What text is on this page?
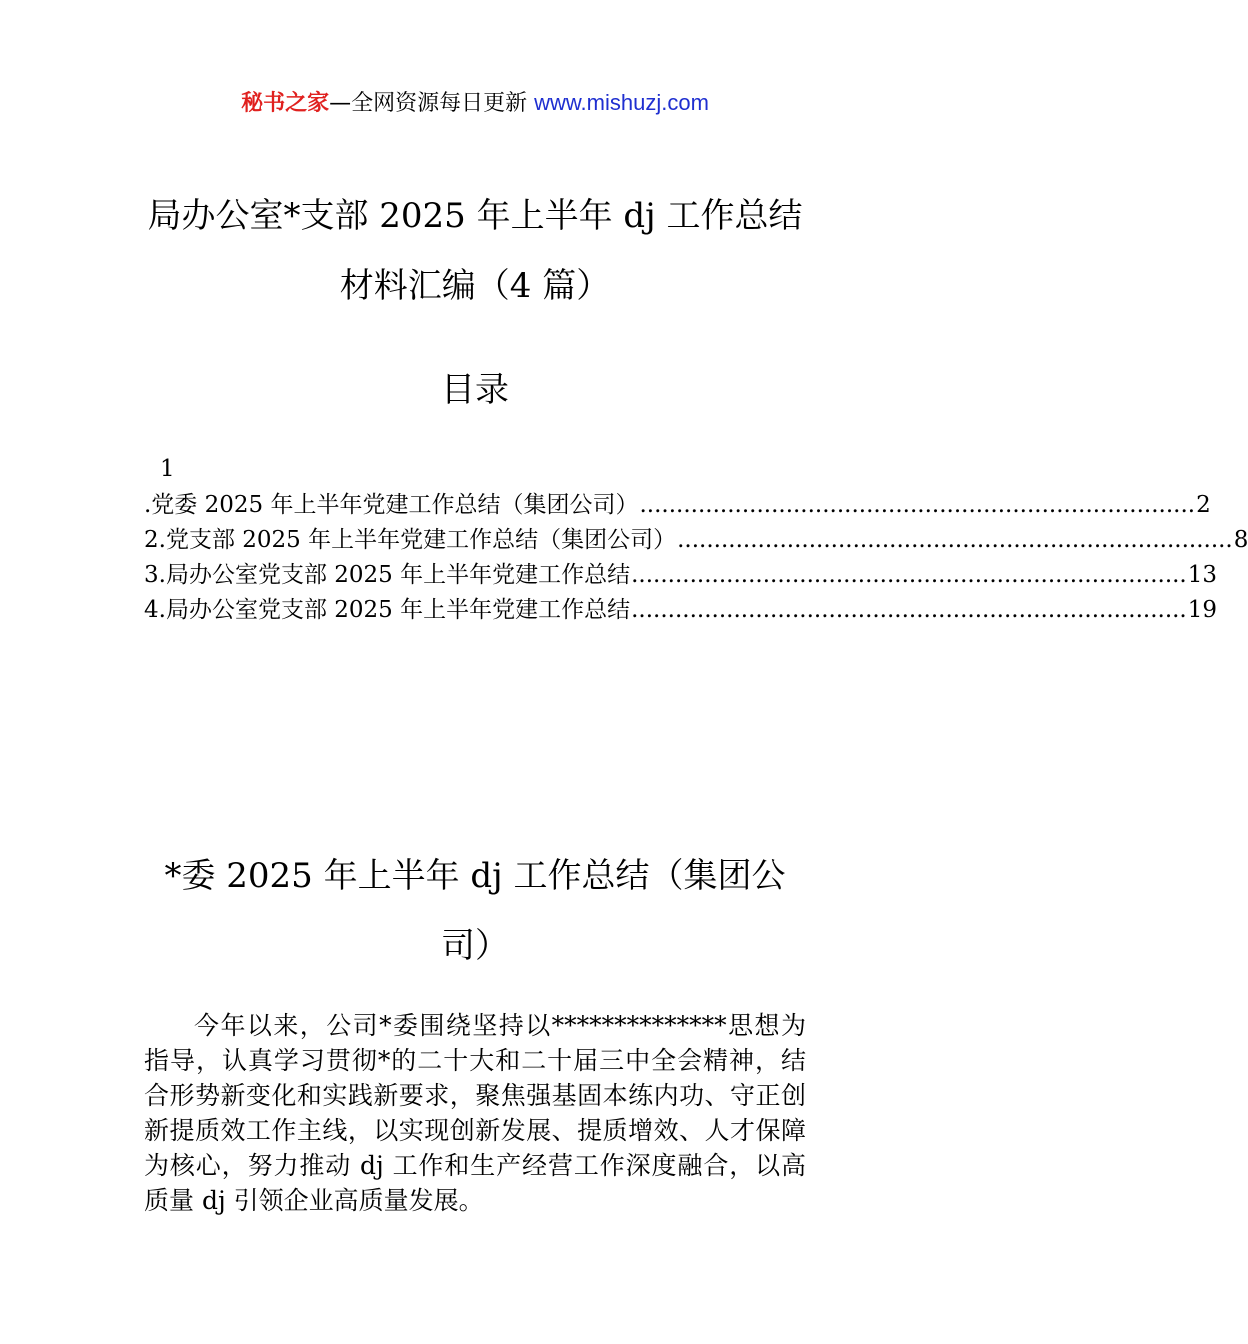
秘书之家—全网资源每日更新 www.mishuzj.com
局办公室*支部 2025 年上半年 dj 工作总结
材料汇编（4 篇）
目录
1
.党委 2025 年上半年党建工作总结（集团公司） ............................................................................ 2
2.党支部 2025 年上半年党建工作总结（集团公司） ............................................................................ 8
3.局办公室党支部 2025 年上半年党建工作总结 ............................................................................ 13
4.局办公室党支部 2025 年上半年党建工作总结 ............................................................................ 19
*委 2025 年上半年 dj 工作总结（集团公
司）

今年以来，公司*委围绕坚持以**************思想为指导，认真学习贯彻*的二十大和二十届三中全会精神，结合形势新变化和实践新要求，聚焦强基固本练内功、守正创新提质效工作主线，以实现创新发展、提质增效、人才保障为核心，努力推动 dj 工作和生产经营工作深度融合，以高质量 dj 引领企业高质量发展。
